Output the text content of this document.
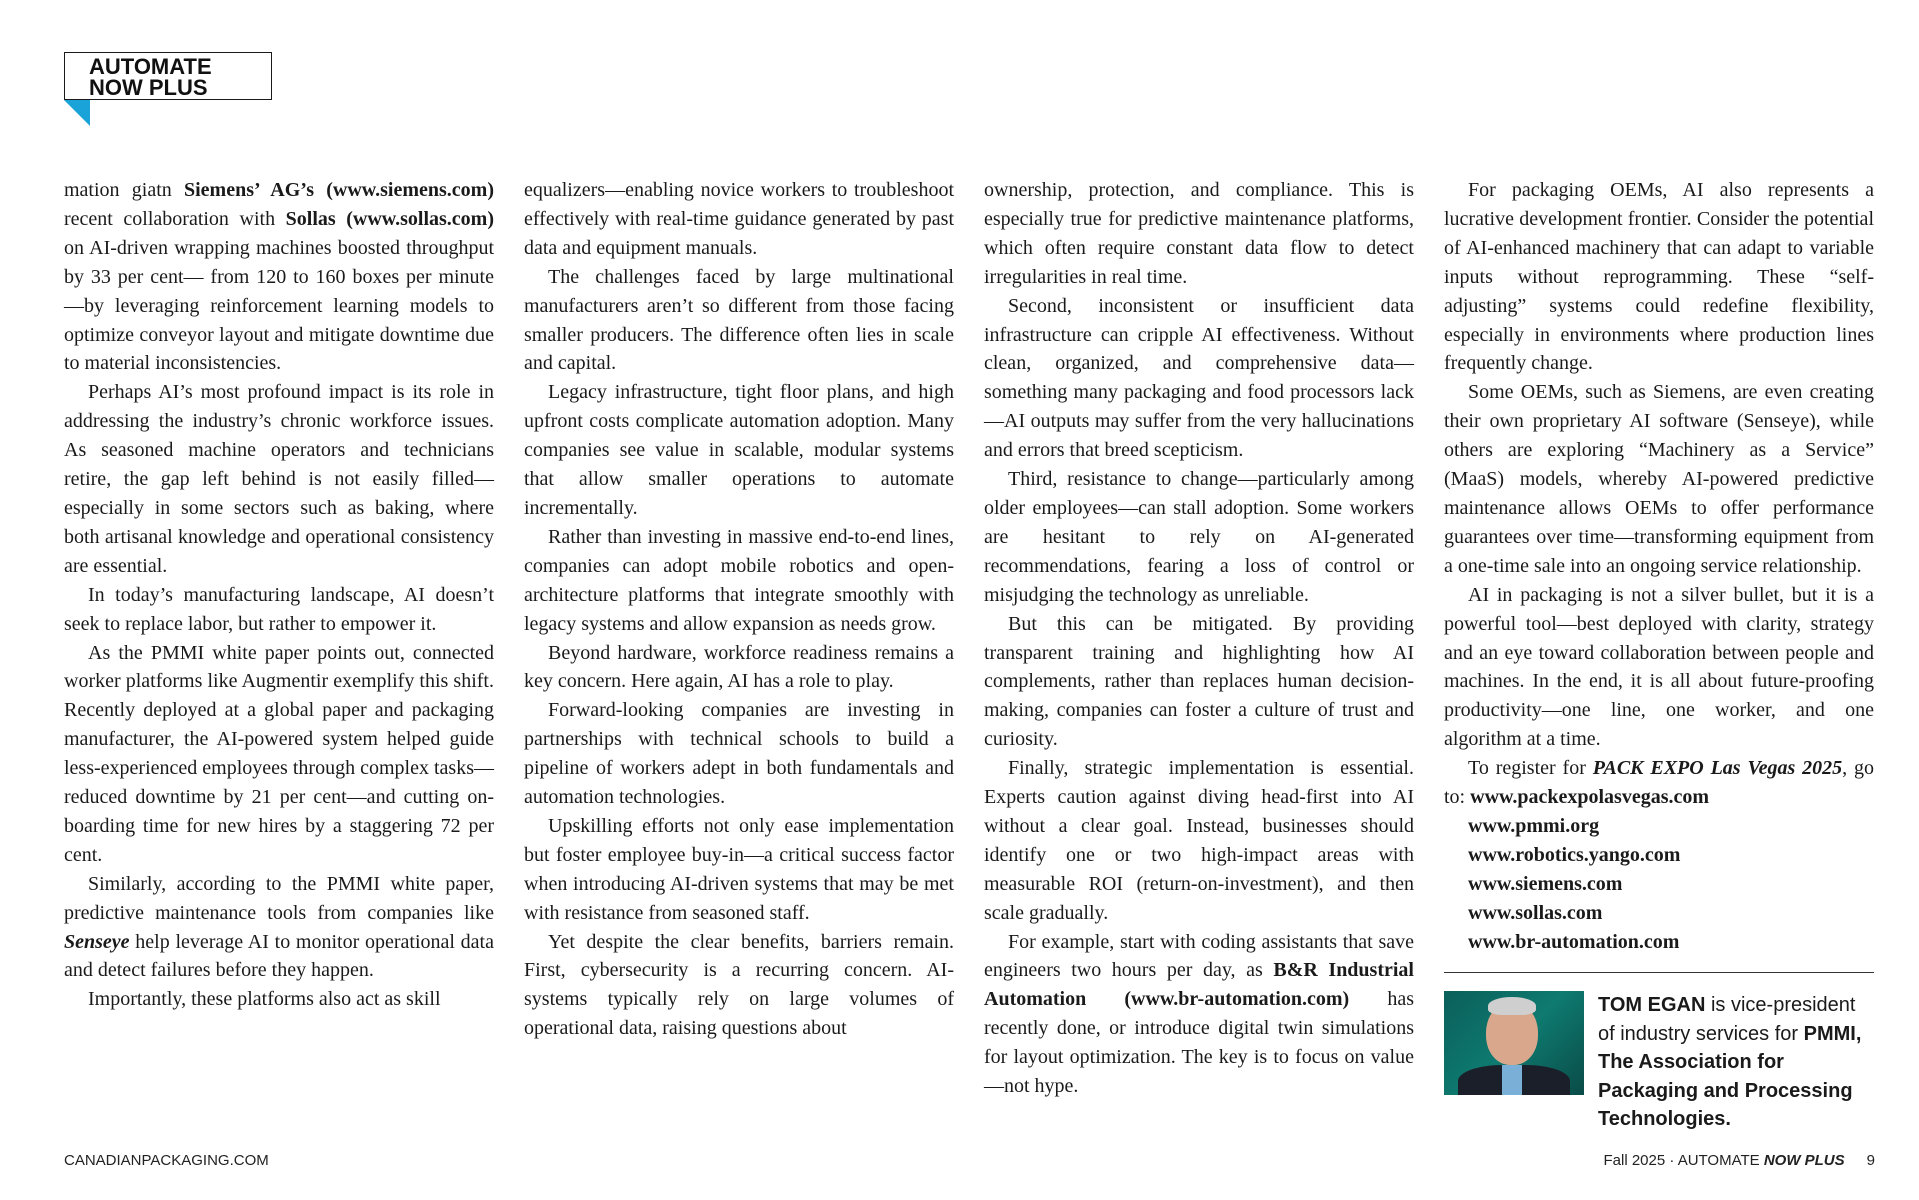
AUTOMATE
NOW PLUS

mation giatn Siemens’ AG’s (www.siemens.com) recent collaboration with Sollas (www.sollas.com) on AI-driven wrapping machines boosted throughput by 33 per cent— from 120 to 160 boxes per minute—by leveraging reinforcement learning models to optimize conveyor layout and mitigate downtime due to material inconsistencies.

Perhaps AI’s most profound impact is its role in addressing the industry’s chronic workforce issues. As seasoned machine operators and technicians retire, the gap left behind is not easily filled—especially in some sectors such as baking, where both artisanal knowledge and operational consistency are essential.

In today’s manufacturing landscape, AI doesn’t seek to replace labor, but rather to empower it.

As the PMMI white paper points out, connected worker platforms like Augmentir exemplify this shift. Recently deployed at a global paper and packaging manufacturer, the AI-powered system helped guide less-experienced employees through complex tasks—reduced downtime by 21 per cent—and cutting on-boarding time for new hires by a staggering 72 per cent.

Similarly, according to the PMMI white paper, predictive maintenance tools from companies like Senseye help leverage AI to monitor operational data and detect failures before they happen.

Importantly, these platforms also act as skill

equalizers—enabling novice workers to troubleshoot effectively with real-time guidance generated by past data and equipment manuals.

The challenges faced by large multinational manufacturers aren’t so different from those facing smaller producers. The difference often lies in scale and capital.

Legacy infrastructure, tight floor plans, and high upfront costs complicate automation adoption. Many companies see value in scalable, modular systems that allow smaller operations to automate incrementally.

Rather than investing in massive end-to-end lines, companies can adopt mobile robotics and open-architecture platforms that integrate smoothly with legacy systems and allow expansion as needs grow.

Beyond hardware, workforce readiness remains a key concern. Here again, AI has a role to play.

Forward-looking companies are investing in partnerships with technical schools to build a pipeline of workers adept in both fundamentals and automation technologies.

Upskilling efforts not only ease implementation but foster employee buy-in—a critical success factor when introducing AI-driven systems that may be met with resistance from seasoned staff.

Yet despite the clear benefits, barriers remain. First, cybersecurity is a recurring concern. AI-systems typically rely on large volumes of operational data, raising questions about

ownership, protection, and compliance. This is especially true for predictive maintenance platforms, which often require constant data flow to detect irregularities in real time.

Second, inconsistent or insufficient data infrastructure can cripple AI effectiveness. Without clean, organized, and comprehensive data—something many packaging and food processors lack—AI outputs may suffer from the very hallucinations and errors that breed scepticism.

Third, resistance to change—particularly among older employees—can stall adoption. Some workers are hesitant to rely on AI-generated recommendations, fearing a loss of control or misjudging the technology as unreliable.

But this can be mitigated. By providing transparent training and highlighting how AI complements, rather than replaces human decision-making, companies can foster a culture of trust and curiosity.

Finally, strategic implementation is essential. Experts caution against diving head-first into AI without a clear goal. Instead, businesses should identify one or two high-impact areas with measurable ROI (return-on-investment), and then scale gradually.

For example, start with coding assistants that save engineers two hours per day, as B&R Industrial Automation (www.br-automation.com) has recently done, or introduce digital twin simulations for layout optimization. The key is to focus on value—not hype.

For packaging OEMs, AI also represents a lucrative development frontier. Consider the potential of AI-enhanced machinery that can adapt to variable inputs without reprogramming. These “self-adjusting” systems could redefine flexibility, especially in environments where production lines frequently change.

Some OEMs, such as Siemens, are even creating their own proprietary AI software (Senseye), while others are exploring “Machinery as a Service” (MaaS) models, whereby AI-powered predictive maintenance allows OEMs to offer performance guarantees over time—transforming equipment from a one-time sale into an ongoing service relationship.

AI in packaging is not a silver bullet, but it is a powerful tool—best deployed with clarity, strategy and an eye toward collaboration between people and machines. In the end, it is all about future-proofing productivity—one line, one worker, and one algorithm at a time.

To register for PACK EXPO Las Vegas 2025, go to: www.packexpolasvegas.com

www.pmmi.org
www.robotics.yango.com
www.siemens.com
www.sollas.com
www.br-automation.com
TOM EGAN is vice-president of industry services for PMMI, The Association for Packaging and Processing Technologies.
CANADIANPACKAGING.COM	Fall 2025 · AUTOMATE NOW PLUS 9
